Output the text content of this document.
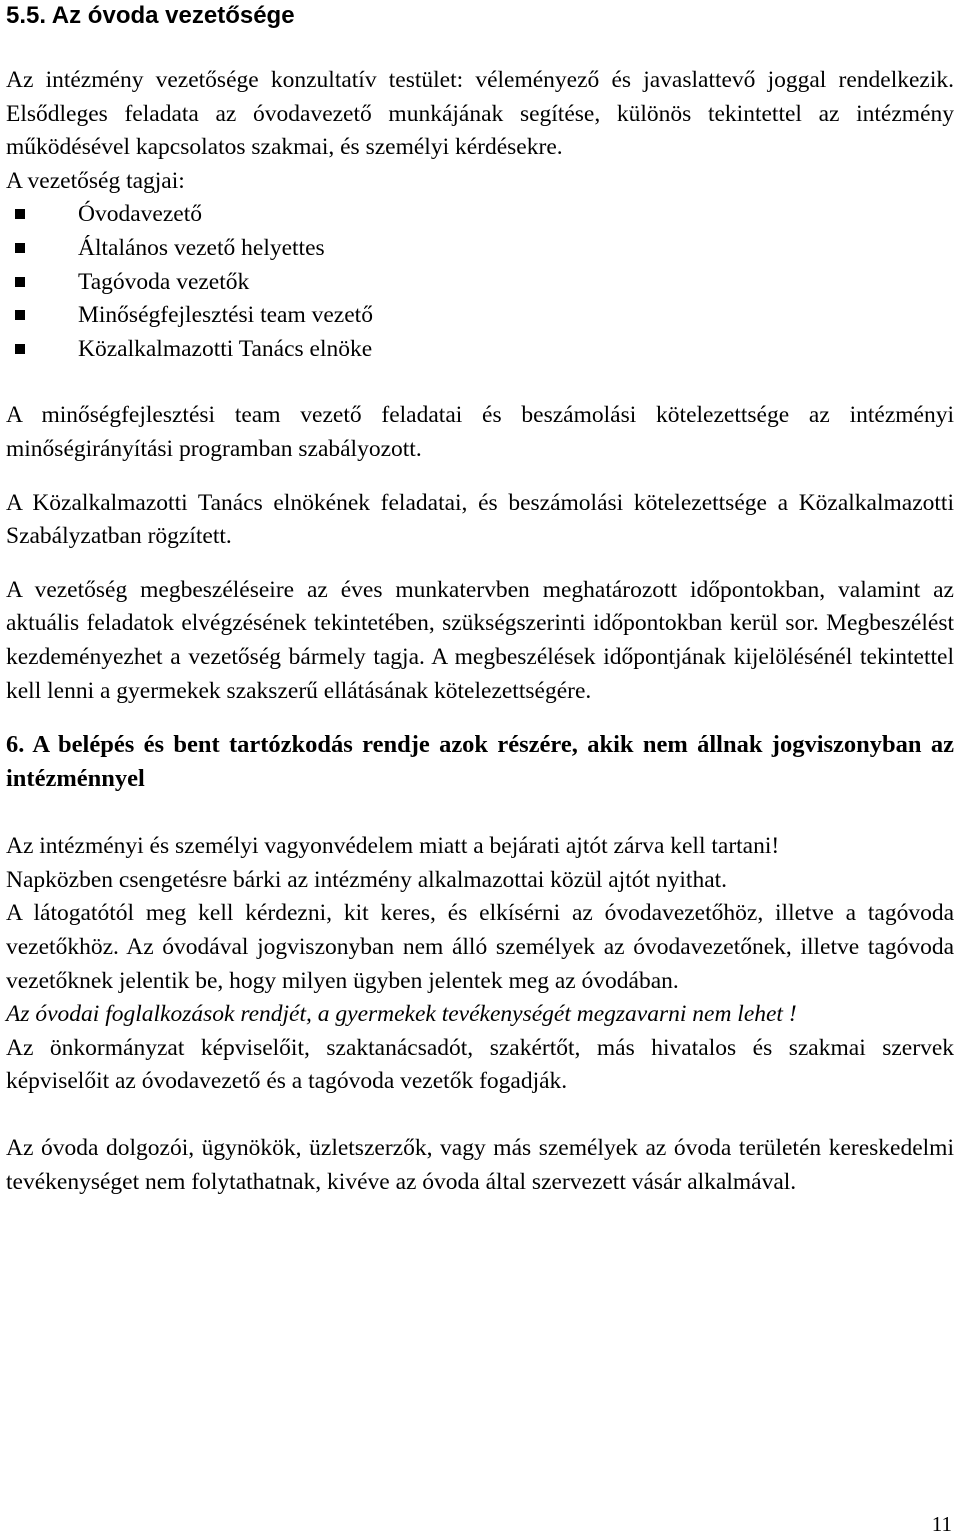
5.5. Az óvoda vezetősége

Az intézmény vezetősége konzultatív testület: véleményező és javaslattevő joggal rendelkezik. Elsődleges feladata az óvodavezető munkájának segítése, különös tekintettel az intézmény működésével kapcsolatos szakmai, és személyi kérdésekre.

A vezetőség tagjai:

Óvodavezető
Általános vezető helyettes
Tagóvoda vezetők
Minőségfejlesztési team vezető
Közalkalmazotti Tanács elnöke

A minőségfejlesztési team vezető feladatai és beszámolási kötelezettsége az intézményi minőségirányítási programban szabályozott.

A Közalkalmazotti Tanács elnökének feladatai, és beszámolási kötelezettsége a Közalkalmazotti Szabályzatban rögzített.

A vezetőség megbeszéléseire az éves munkatervben meghatározott időpontokban, valamint az aktuális feladatok elvégzésének tekintetében, szükségszerinti időpontokban kerül sor. Megbeszélést kezdeményezhet a vezetőség bármely tagja. A megbeszélések időpontjának kijelölésénél tekintettel kell lenni a gyermekek szakszerű ellátásának kötelezettségére.

6. A belépés és bent tartózkodás rendje azok részére, akik nem állnak jogviszonyban az intézménnyel

Az intézményi és személyi vagyonvédelem miatt a bejárati ajtót zárva kell tartani!

Napközben csengetésre bárki az intézmény alkalmazottai közül ajtót nyithat.

A látogatótól meg kell kérdezni, kit keres, és elkísérni az óvodavezetőhöz, illetve a tagóvoda vezetőkhöz. Az óvodával jogviszonyban nem álló személyek az óvodavezetőnek, illetve tagóvoda vezetőknek jelentik be, hogy milyen ügyben jelentek meg az óvodában.

Az óvodai foglalkozások rendjét, a gyermekek tevékenységét megzavarni nem lehet !

Az önkormányzat képviselőit, szaktanácsadót, szakértőt, más hivatalos és szakmai szervek képviselőit az óvodavezető és a tagóvoda vezetők fogadják.

Az óvoda dolgozói, ügynökök, üzletszerzők, vagy más személyek az óvoda területén kereskedelmi tevékenységet nem folytathatnak, kivéve az óvoda által szervezett vásár alkalmával.

11
